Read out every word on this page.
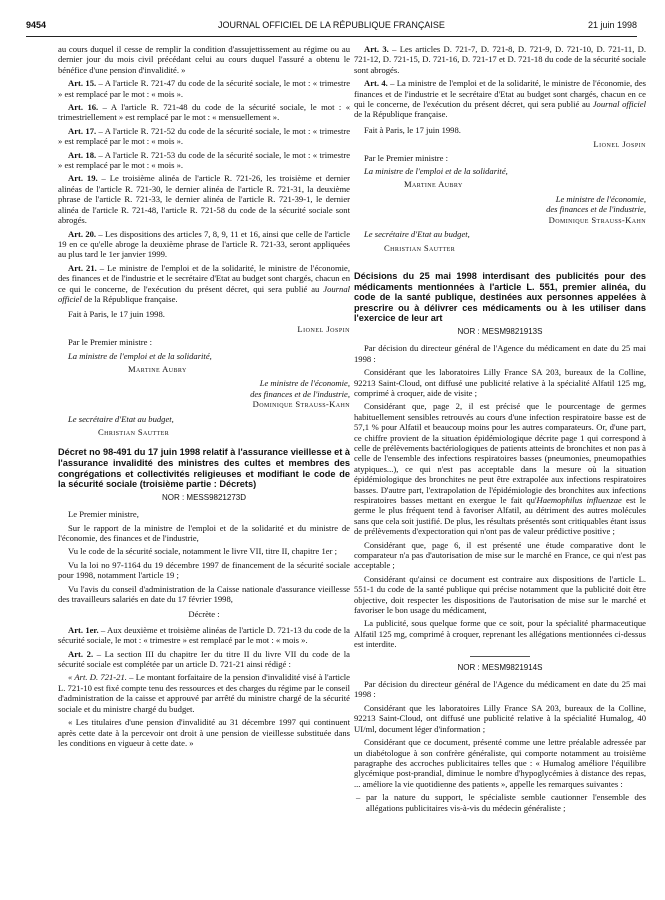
9454	JOURNAL OFFICIEL DE LA RÉPUBLIQUE FRANÇAISE	21 juin 1998

au cours duquel il cesse de remplir la condition d'assujettissement au régime ou au dernier jour du mois civil précédant celui au cours duquel l'assuré a obtenu le bénéfice d'une pension d'invalidité. »

Art. 15. – A l'article R. 721-47 du code de la sécurité sociale, le mot : « trimestre » est remplacé par le mot : « mois ».

Art. 16. – A l'article R. 721-48 du code de la sécurité sociale, le mot : « trimestriellement » est remplacé par le mot : « mensuellement ».

Art. 17. – A l'article R. 721-52 du code de la sécurité sociale, le mot : « trimestre » est remplacé par le mot : « mois ».

Art. 18. – A l'article R. 721-53 du code de la sécurité sociale, le mot : « trimestre » est remplacé par le mot : « mois ».

Art. 19. – Le troisième alinéa de l'article R. 721-26, les troisième et dernier alinéas de l'article R. 721-30, le dernier alinéa de l'article R. 721-31, la deuxième phrase de l'article R. 721-33, le dernier alinéa de l'article R. 721-39-1, le dernier alinéa de l'article R. 721-48, l'article R. 721-58 du code de la sécurité sociale sont abrogés.

Art. 20. – Les dispositions des articles 7, 8, 9, 11 et 16, ainsi que celle de l'article 19 en ce qu'elle abroge la deuxième phrase de l'article R. 721-33, seront appliquées au plus tard le 1er janvier 1999.

Art. 21. – Le ministre de l'emploi et de la solidarité, le ministre de l'économie, des finances et de l'industrie et le secrétaire d'Etat au budget sont chargés, chacun en ce qui le concerne, de l'exécution du présent décret, qui sera publié au Journal officiel de la République française.

Fait à Paris, le 17 juin 1998.

Lionel Jospin

Par le Premier ministre :

La ministre de l'emploi et de la solidarité,

Martine Aubry

Le ministre de l'économie,
des finances et de l'industrie,
Dominique Strauss-Kahn

Le secrétaire d'Etat au budget,

Christian Sautter

Décret no 98-491 du 17 juin 1998 relatif à l'assurance vieillesse et à l'assurance invalidité des ministres des cultes et membres des congrégations et collectivités religieuses et modifiant le code de la sécurité sociale (troisième partie : Décrets)

NOR : MESS9821273D

Le Premier ministre,

Sur le rapport de la ministre de l'emploi et de la solidarité et du ministre de l'économie, des finances et de l'industrie,

Vu le code de la sécurité sociale, notamment le livre VII, titre II, chapitre 1er ;

Vu la loi no 97-1164 du 19 décembre 1997 de financement de la sécurité sociale pour 1998, notamment l'article 19 ;

Vu l'avis du conseil d'administration de la Caisse nationale d'assurance vieillesse des travailleurs salariés en date du 17 février 1998,

Décrète :

Art. 1er. – Aux deuxième et troisième alinéas de l'article D. 721-13 du code de la sécurité sociale, le mot : « trimestre » est remplacé par le mot : « mois ».

Art. 2. – La section III du chapitre Ier du titre II du livre VII du code de la sécurité sociale est complétée par un article D. 721-21 ainsi rédigé :

« Art. D. 721-21. – Le montant forfaitaire de la pension d'invalidité visé à l'article L. 721-10 est fixé compte tenu des ressources et des charges du régime par le conseil d'administration de la caisse et approuvé par arrêté du ministre chargé de la sécurité sociale et du ministre chargé du budget.

« Les titulaires d'une pension d'invalidité au 31 décembre 1997 qui continuent après cette date à la percevoir ont droit à une pension de vieillesse substituée dans les conditions en vigueur à cette date. »

Art. 3. – Les articles D. 721-7, D. 721-8, D. 721-9, D. 721-10, D. 721-11, D. 721-12, D. 721-15, D. 721-16, D. 721-17 et D. 721-18 du code de la sécurité sociale sont abrogés.

Art. 4. – La ministre de l'emploi et de la solidarité, le ministre de l'économie, des finances et de l'industrie et le secrétaire d'Etat au budget sont chargés, chacun en ce qui le concerne, de l'exécution du présent décret, qui sera publié au Journal officiel de la République française.

Fait à Paris, le 17 juin 1998.

Lionel Jospin

Par le Premier ministre :

La ministre de l'emploi et de la solidarité,

Martine Aubry

Le ministre de l'économie,
des finances et de l'industrie,
Dominique Strauss-Kahn

Le secrétaire d'Etat au budget,

Christian Sautter

Décisions du 25 mai 1998 interdisant des publicités pour des médicaments mentionnées à l'article L. 551, premier alinéa, du code de la santé publique, destinées aux personnes appelées à prescrire ou à délivrer ces médicaments ou à les utiliser dans l'exercice de leur art

NOR : MESM9821913S

Par décision du directeur général de l'Agence du médicament en date du 25 mai 1998 :

Considérant que les laboratoires Lilly France SA 203, bureaux de la Colline, 92213 Saint-Cloud, ont diffusé une publicité relative à la spécialité Alfatil 125 mg, comprimé à croquer, aide de visite ;

Considérant que, page 2, il est précisé que le pourcentage de germes habituellement sensibles retrouvés au cours d'une infection respiratoire basse est de 57,1 % pour Alfatil et beaucoup moins pour les autres comparateurs. Or, d'une part, ce chiffre provient de la situation épidémiologique décrite page 1 qui correspond à celle de prélèvements bactériologiques de patients atteints de bronchites et non pas à celle de l'ensemble des infections respiratoires basses (pneumonies, pneumopathies atypiques...), ce qui n'est pas acceptable dans la mesure où la situation épidémiologique des bronchites ne peut être extrapolée aux infections respiratoires basses. D'autre part, l'extrapolation de l'épidémiologie des bronchites aux infections respiratoires basses mettant en exergue le fait qu'Haemophilus influenzae est le germe le plus fréquent tend à favoriser Alfatil, au détriment des autres molécules sans que cela soit justifié. De plus, les résultats présentés sont critiquables étant issus de prélèvements d'expectoration qui n'ont pas de valeur prédictive positive ;

Considérant que, page 6, il est présenté une étude comparative dont le comparateur n'a pas d'autorisation de mise sur le marché en France, ce qui n'est pas acceptable ;

Considérant qu'ainsi ce document est contraire aux dispositions de l'article L. 551-1 du code de la santé publique qui précise notamment que la publicité doit être objective, doit respecter les dispositions de l'autorisation de mise sur le marché et favoriser le bon usage du médicament,

La publicité, sous quelque forme que ce soit, pour la spécialité pharmaceutique Alfatil 125 mg, comprimé à croquer, reprenant les allégations mentionnées ci-dessus est interdite.

NOR : MESM9821914S

Par décision du directeur général de l'Agence du médicament en date du 25 mai 1998 :

Considérant que les laboratoires Lilly France SA 203, bureaux de la Colline, 92213 Saint-Cloud, ont diffusé une publicité relative à la spécialité Humalog, 40 UI/ml, document léger d'information ;

Considérant que ce document, présenté comme une lettre préalable adressée par un diabétologue à son confrère généraliste, qui comporte notamment au troisième paragraphe des accroches publicitaires telles que : « Humalog améliore l'équilibre glycémique post-prandial, diminue le nombre d'hypoglycémies à distance des repas, ... améliore la vie quotidienne des patients », appelle les remarques suivantes :

– par la nature du support, le spécialiste semble cautionner l'ensemble des allégations publicitaires vis-à-vis du médecin généraliste ;
